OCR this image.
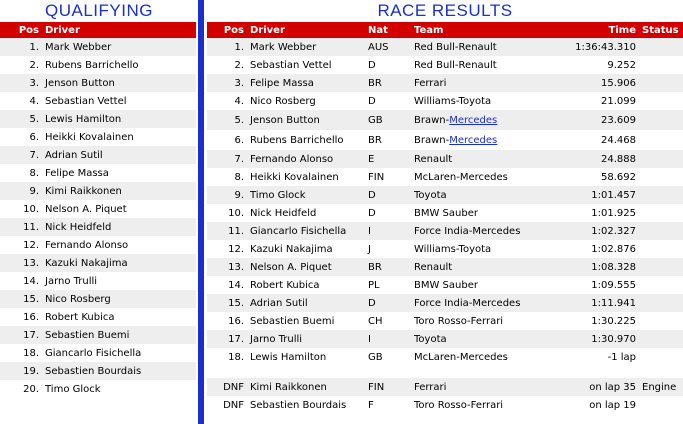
QUALIFYING
Pos	Driver
1.	Mark Webber
2.	Rubens Barrichello
3.	Jenson Button
4.	Sebastian Vettel
5.	Lewis Hamilton
6.	Heikki Kovalainen
7.	Adrian Sutil
8.	Felipe Massa
9.	Kimi Raikkonen
10.	Nelson A. Piquet
11.	Nick Heidfeld
12.	Fernando Alonso
13.	Kazuki Nakajima
14.	Jarno Trulli
15.	Nico Rosberg
16.	Robert Kubica
17.	Sebastien Buemi
18.	Giancarlo Fisichella
19.	Sebastien Bourdais
20.	Timo Glock
RACE RESULTS
Pos	Driver	Nat	Team	Time	Status
1.	Mark Webber	AUS	Red Bull-Renault	1:36:43.310	
2.	Sebastian Vettel	D	Red Bull-Renault	9.252	
3.	Felipe Massa	BR	Ferrari	15.906	
4.	Nico Rosberg	D	Williams-Toyota	21.099	
5.	Jenson Button	GB	Brawn-Mercedes	23.609	
6.	Rubens Barrichello	BR	Brawn-Mercedes	24.468	
7.	Fernando Alonso	E	Renault	24.888	
8.	Heikki Kovalainen	FIN	McLaren-Mercedes	58.692	
9.	Timo Glock	D	Toyota	1:01.457	
10.	Nick Heidfeld	D	BMW Sauber	1:01.925	
11.	Giancarlo Fisichella	I	Force India-Mercedes	1:02.327	
12.	Kazuki Nakajima	J	Williams-Toyota	1:02.876	
13.	Nelson A. Piquet	BR	Renault	1:08.328	
14.	Robert Kubica	PL	BMW Sauber	1:09.555	
15.	Adrian Sutil	D	Force India-Mercedes	1:11.941	
16.	Sebastien Buemi	CH	Toro Rosso-Ferrari	1:30.225	
17.	Jarno Trulli	I	Toyota	1:30.970	
18.	Lewis Hamilton	GB	McLaren-Mercedes	-1 lap	

DNF	Kimi Raikkonen	FIN	Ferrari	on lap 35	Engine
DNF	Sebastien Bourdais	F	Toro Rosso-Ferrari	on lap 19	
